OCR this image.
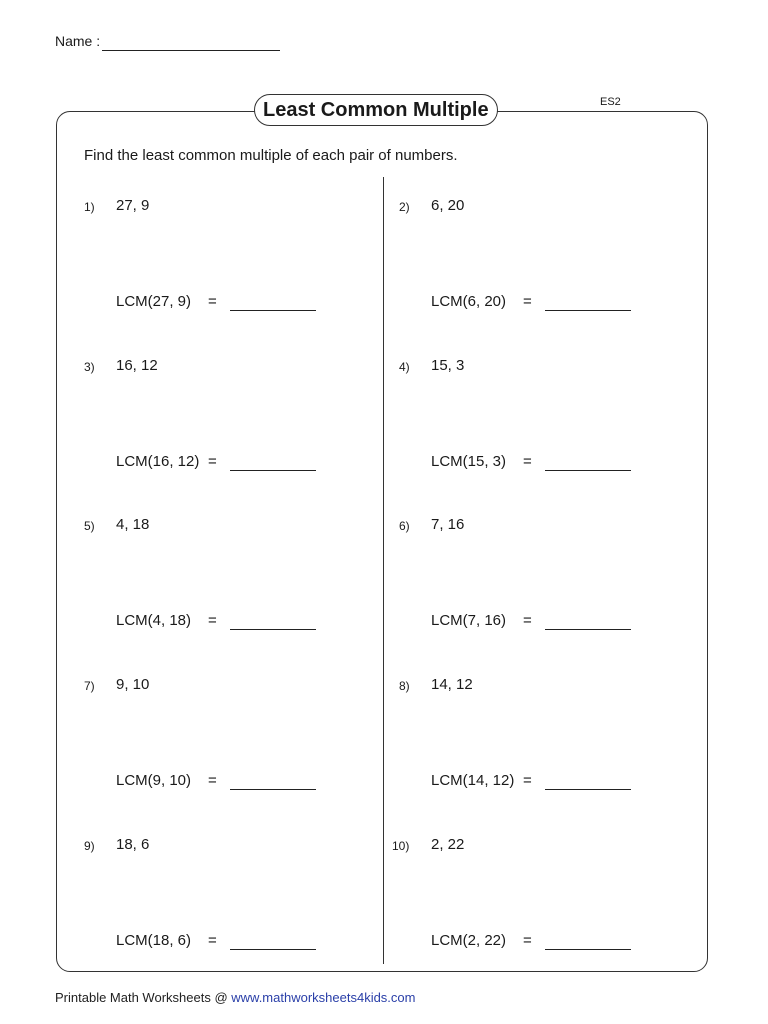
Name :
Least Common Multiple	ES2
Find the least common multiple of each pair of numbers.
1) 27, 9
LCM(27, 9) =
2) 6, 20
LCM(6, 20) =
3) 16, 12
LCM(16, 12) =
4) 15, 3
LCM(15, 3) =
5) 4, 18
LCM(4, 18) =
6) 7, 16
LCM(7, 16) =
7) 9, 10
LCM(9, 10) =
8) 14, 12
LCM(14, 12) =
9) 18, 6
LCM(18, 6) =
10) 2, 22
LCM(2, 22) =
Printable Math Worksheets @ www.mathworksheets4kids.com
